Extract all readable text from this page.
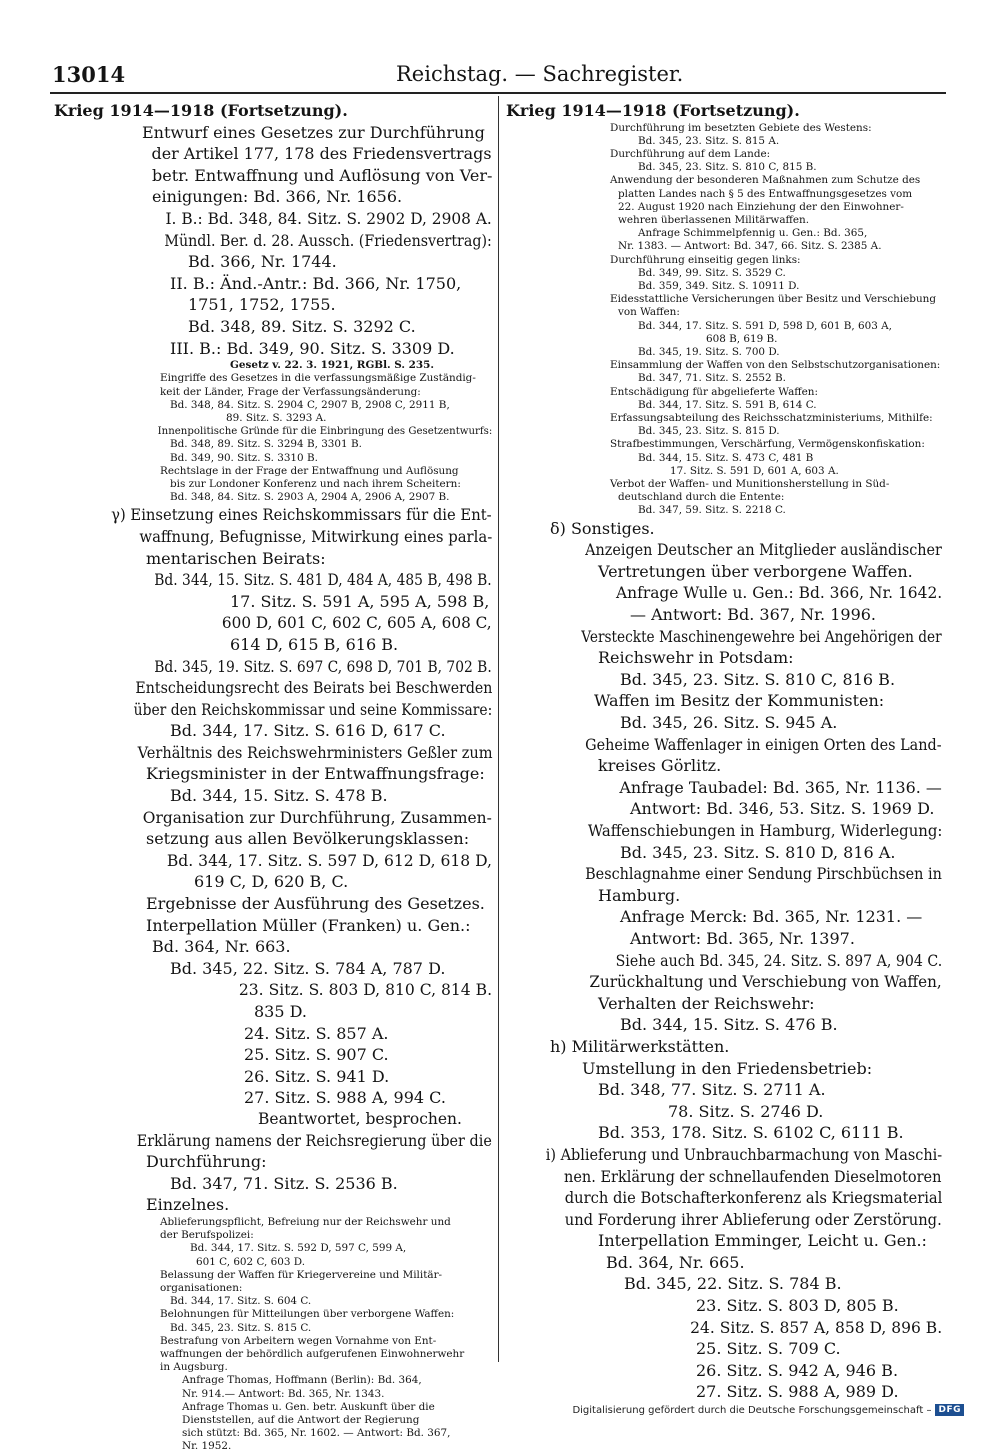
13014	Reichstag. — Sachregister.
Krieg 1914—1918 (Fortsetzung).
Entwurf eines Gesetzes zur Durchführung
der Artikel 177, 178 des Friedensvertrags
betr. Entwaffnung und Auflösung von Ver-
einigungen: Bd. 366, Nr. 1656.
I. B.: Bd. 348, 84. Sitz. S. 2902 D, 2908 A.
Mündl. Ber. d. 28. Aussch. (Friedensvertrag):
Bd. 366, Nr. 1744.
II. B.: Änd.-Antr.: Bd. 366, Nr. 1750,
1751, 1752, 1755.
Bd. 348, 89. Sitz. S. 3292 C.
III. B.: Bd. 349, 90. Sitz. S. 3309 D.
Gesetz v. 22. 3. 1921, RGBl. S. 235.
Eingriffe des Gesetzes in die verfassungsmäßige Zuständig-
keit der Länder, Frage der Verfassungsänderung:
Bd. 348, 84. Sitz. S. 2904 C, 2907 B, 2908 C, 2911 B,
89. Sitz. S. 3293 A.
Innenpolitische Gründe für die Einbringung des Gesetzentwurfs:
Bd. 348, 89. Sitz. S. 3294 B, 3301 B.
Bd. 349, 90. Sitz. S. 3310 B.
Rechtslage in der Frage der Entwaffnung und Auflösung
bis zur Londoner Konferenz und nach ihrem Scheitern:
Bd. 348, 84. Sitz. S. 2903 A, 2904 A, 2906 A, 2907 B.
γ) Einsetzung eines Reichskommissars für die Ent-
waffnung, Befugnisse, Mitwirkung eines parla-
mentarischen Beirats:
Bd. 344, 15. Sitz. S. 481 D, 484 A, 485 B, 498 B.
17. Sitz. S. 591 A, 595 A, 598 B,
600 D, 601 C, 602 C, 605 A, 608 C,
614 D, 615 B, 616 B.
Bd. 345, 19. Sitz. S. 697 C, 698 D, 701 B, 702 B.
Entscheidungsrecht des Beirats bei Beschwerden
über den Reichskommissar und seine Kommissare:
Bd. 344, 17. Sitz. S. 616 D, 617 C.
Verhältnis des Reichswehrministers Geßler zum
Kriegsminister in der Entwaffnungsfrage:
Bd. 344, 15. Sitz. S. 478 B.
Organisation zur Durchführung, Zusammen-
setzung aus allen Bevölkerungsklassen:
Bd. 344, 17. Sitz. S. 597 D, 612 D, 618 D,
619 C, D, 620 B, C.
Ergebnisse der Ausführung des Gesetzes.
Interpellation Müller (Franken) u. Gen.:
Bd. 364, Nr. 663.
Bd. 345, 22. Sitz. S. 784 A, 787 D.
23. Sitz. S. 803 D, 810 C, 814 B.
835 D.
24. Sitz. S. 857 A.
25. Sitz. S. 907 C.
26. Sitz. S. 941 D.
27. Sitz. S. 988 A, 994 C.
Beantwortet, besprochen.
Erklärung namens der Reichsregierung über die
Durchführung:
Bd. 347, 71. Sitz. S. 2536 B.
Einzelnes.
Ablieferungspflicht, Befreiung nur der Reichswehr und
der Berufspolizei:
Bd. 344, 17. Sitz. S. 592 D, 597 C, 599 A,
601 C, 602 C, 603 D.
Belassung der Waffen für Kriegervereine und Militär-
organisationen:
Bd. 344, 17. Sitz. S. 604 C.
Belohnungen für Mitteilungen über verborgene Waffen:
Bd. 345, 23. Sitz. S. 815 C.
Bestrafung von Arbeitern wegen Vornahme von Ent-
waffnungen der behördlich aufgerufenen Einwohnerwehr
in Augsburg.
Anfrage Thomas, Hoffmann (Berlin): Bd. 364,
Nr. 914.— Antwort: Bd. 365, Nr. 1343.
Anfrage Thomas u. Gen. betr. Auskunft über die
Dienststellen, auf die Antwort der Regierung
sich stützt: Bd. 365, Nr. 1602. — Antwort: Bd. 367,
Nr. 1952.
Krieg 1914—1918 (Fortsetzung).
Durchführung im besetzten Gebiete des Westens:
Bd. 345, 23. Sitz. S. 815 A.
Durchführung auf dem Lande:
Bd. 345, 23. Sitz. S. 810 C, 815 B.
Anwendung der besonderen Maßnahmen zum Schutze des
platten Landes nach § 5 des Entwaffnungsgesetzes vom
22. August 1920 nach Einziehung der den Einwohner-
wehren überlassenen Militärwaffen.
Anfrage Schimmelpfennig u. Gen.: Bd. 365,
Nr. 1383. — Antwort: Bd. 347, 66. Sitz. S. 2385 A.
Durchführung einseitig gegen links:
Bd. 349, 99. Sitz. S. 3529 C.
Bd. 359, 349. Sitz. S. 10911 D.
Eidesstattliche Versicherungen über Besitz und Verschiebung
von Waffen:
Bd. 344, 17. Sitz. S. 591 D, 598 D, 601 B, 603 A,
608 B, 619 B.
Bd. 345, 19. Sitz. S. 700 D.
Einsammlung der Waffen von den Selbstschutzorganisationen:
Bd. 347, 71. Sitz. S. 2552 B.
Entschädigung für abgelieferte Waffen:
Bd. 344, 17. Sitz. S. 591 B, 614 C.
Erfassungsabteilung des Reichsschatzministeriums, Mithilfe:
Bd. 345, 23. Sitz. S. 815 D.
Strafbestimmungen, Verschärfung, Vermögenskonfiskation:
Bd. 344, 15. Sitz. S. 473 C, 481 B
17. Sitz. S. 591 D, 601 A, 603 A.
Verbot der Waffen- und Munitionsherstellung in Süd-
deutschland durch die Entente:
Bd. 347, 59. Sitz. S. 2218 C.
δ) Sonstiges.
Anzeigen Deutscher an Mitglieder ausländischer
Vertretungen über verborgene Waffen.
Anfrage Wulle u. Gen.: Bd. 366, Nr. 1642.
— Antwort: Bd. 367, Nr. 1996.
Versteckte Maschinengewehre bei Angehörigen der
Reichswehr in Potsdam:
Bd. 345, 23. Sitz. S. 810 C, 816 B.
Waffen im Besitz der Kommunisten:
Bd. 345, 26. Sitz. S. 945 A.
Geheime Waffenlager in einigen Orten des Land-
kreises Görlitz.
Anfrage Taubadel: Bd. 365, Nr. 1136. —
Antwort: Bd. 346, 53. Sitz. S. 1969 D.
Waffenschiebungen in Hamburg, Widerlegung:
Bd. 345, 23. Sitz. S. 810 D, 816 A.
Beschlagnahme einer Sendung Pirschbüchsen in
Hamburg.
Anfrage Merck: Bd. 365, Nr. 1231. —
Antwort: Bd. 365, Nr. 1397.
Siehe auch Bd. 345, 24. Sitz. S. 897 A, 904 C.
Zurückhaltung und Verschiebung von Waffen,
Verhalten der Reichswehr:
Bd. 344, 15. Sitz. S. 476 B.
h) Militärwerkstätten.
Umstellung in den Friedensbetrieb:
Bd. 348, 77. Sitz. S. 2711 A.
78. Sitz. S. 2746 D.
Bd. 353, 178. Sitz. S. 6102 C, 6111 B.
i) Ablieferung und Unbrauchbarmachung von Maschi-
nen. Erklärung der schnellaufenden Dieselmotoren
durch die Botschafterkonferenz als Kriegsmaterial
und Forderung ihrer Ablieferung oder Zerstörung.
Interpellation Emminger, Leicht u. Gen.:
Bd. 364, Nr. 665.
Bd. 345, 22. Sitz. S. 784 B.
23. Sitz. S. 803 D, 805 B.
24. Sitz. S. 857 A, 858 D, 896 B.
25. Sitz. S. 709 C.
26. Sitz. S. 942 A, 946 B.
27. Sitz. S. 988 A, 989 D.
Digitalisierung gefördert durch die Deutsche Forschungsgemeinschaft – DFG
